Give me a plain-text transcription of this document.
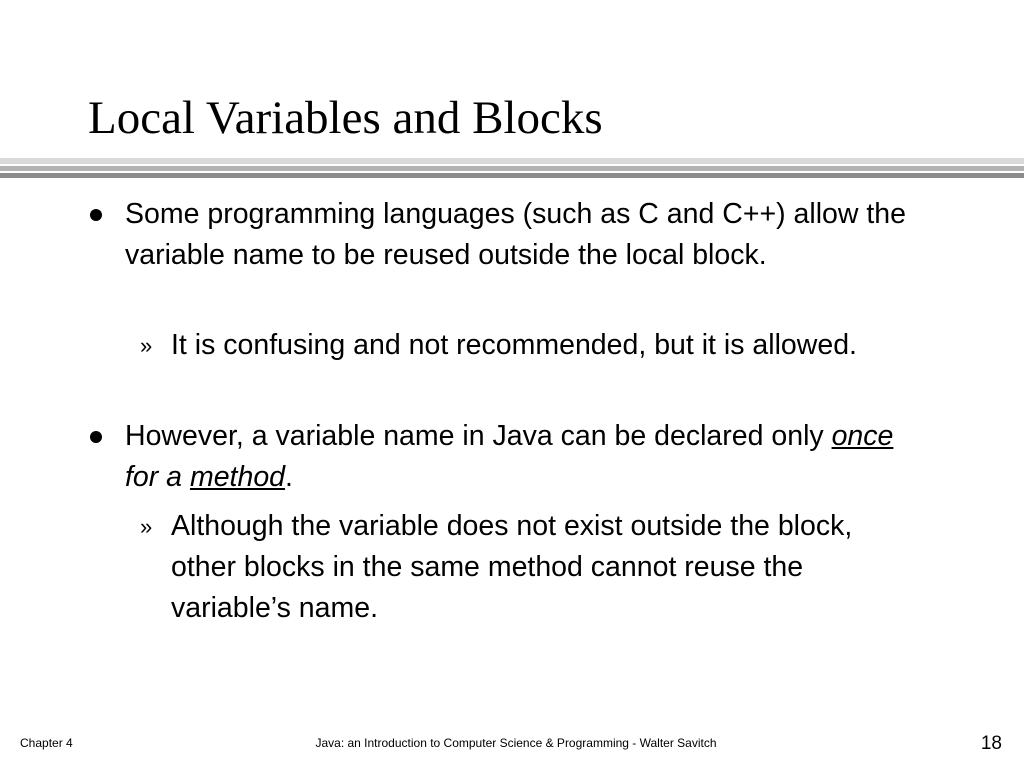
Local Variables and Blocks

Some programming languages (such as C and C++) allow the variable name to be reused outside the local block.

» It is confusing and not recommended, but it is allowed.

However, a variable name in Java can be declared only once for a method.

» Although the variable does not exist outside the block, other blocks in the same method cannot reuse the variable’s name.

Chapter 4	Java: an Introduction to Computer Science & Programming - Walter Savitch	18
